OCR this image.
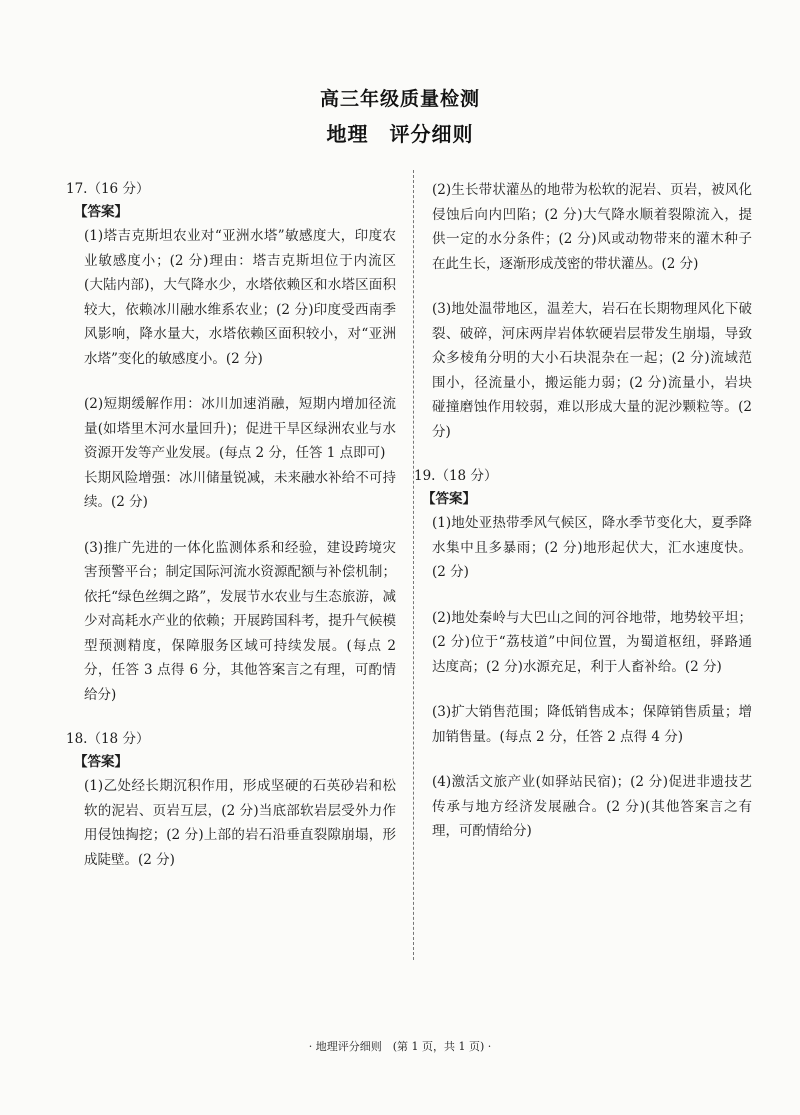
高三年级质量检测
地理　评分细则
17.（16 分）
【答案】

(1)塔吉克斯坦农业对“亚洲水塔”敏感度大，印度农业敏感度小；(2 分)理由：塔吉克斯坦位于内流区(大陆内部)，大气降水少，水塔依赖区和水塔区面积较大，依赖冰川融水维系农业；(2 分)印度受西南季风影响，降水量大，水塔依赖区面积较小，对“亚洲水塔”变化的敏感度小。(2 分)

(2)短期缓解作用：冰川加速消融，短期内增加径流量(如塔里木河水量回升)；促进干旱区绿洲农业与水资源开发等产业发展。(每点 2 分，任答 1 点即可)

长期风险增强：冰川储量锐减，未来融水补给不可持续。(2 分)

(3)推广先进的一体化监测体系和经验，建设跨境灾害预警平台；制定国际河流水资源配额与补偿机制；依托“绿色丝绸之路”，发展节水农业与生态旅游，减少对高耗水产业的依赖；开展跨国科考，提升气候模型预测精度，保障服务区域可持续发展。(每点 2 分，任答 3 点得 6 分，其他答案言之有理，可酌情给分)

18.（18 分）
【答案】

(1)乙处经长期沉积作用，形成坚硬的石英砂岩和松软的泥岩、页岩互层，(2 分)当底部软岩层受外力作用侵蚀掏挖；(2 分)上部的岩石沿垂直裂隙崩塌，形成陡壁。(2 分)

(2)生长带状灌丛的地带为松软的泥岩、页岩，被风化侵蚀后向内凹陷；(2 分)大气降水顺着裂隙流入，提供一定的水分条件；(2 分)风或动物带来的灌木种子在此生长，逐渐形成茂密的带状灌丛。(2 分)

(3)地处温带地区，温差大，岩石在长期物理风化下破裂、破碎，河床两岸岩体软硬岩层带发生崩塌，导致众多棱角分明的大小石块混杂在一起；(2 分)流域范围小，径流量小，搬运能力弱；(2 分)流量小，岩块碰撞磨蚀作用较弱，难以形成大量的泥沙颗粒等。(2 分)

19.（18 分）
【答案】

(1)地处亚热带季风气候区，降水季节变化大，夏季降水集中且多暴雨；(2 分)地形起伏大，汇水速度快。(2 分)

(2)地处秦岭与大巴山之间的河谷地带，地势较平坦；(2 分)位于“荔枝道”中间位置，为蜀道枢纽，驿路通达度高；(2 分)水源充足，利于人畜补给。(2 分)

(3)扩大销售范围；降低销售成本；保障销售质量；增加销售量。(每点 2 分，任答 2 点得 4 分)

(4)激活文旅产业(如驿站民宿)；(2 分)促进非遗技艺传承与地方经济发展融合。(2 分)(其他答案言之有理，可酌情给分)

· 地理评分细则　(第 1 页，共 1 页) ·
